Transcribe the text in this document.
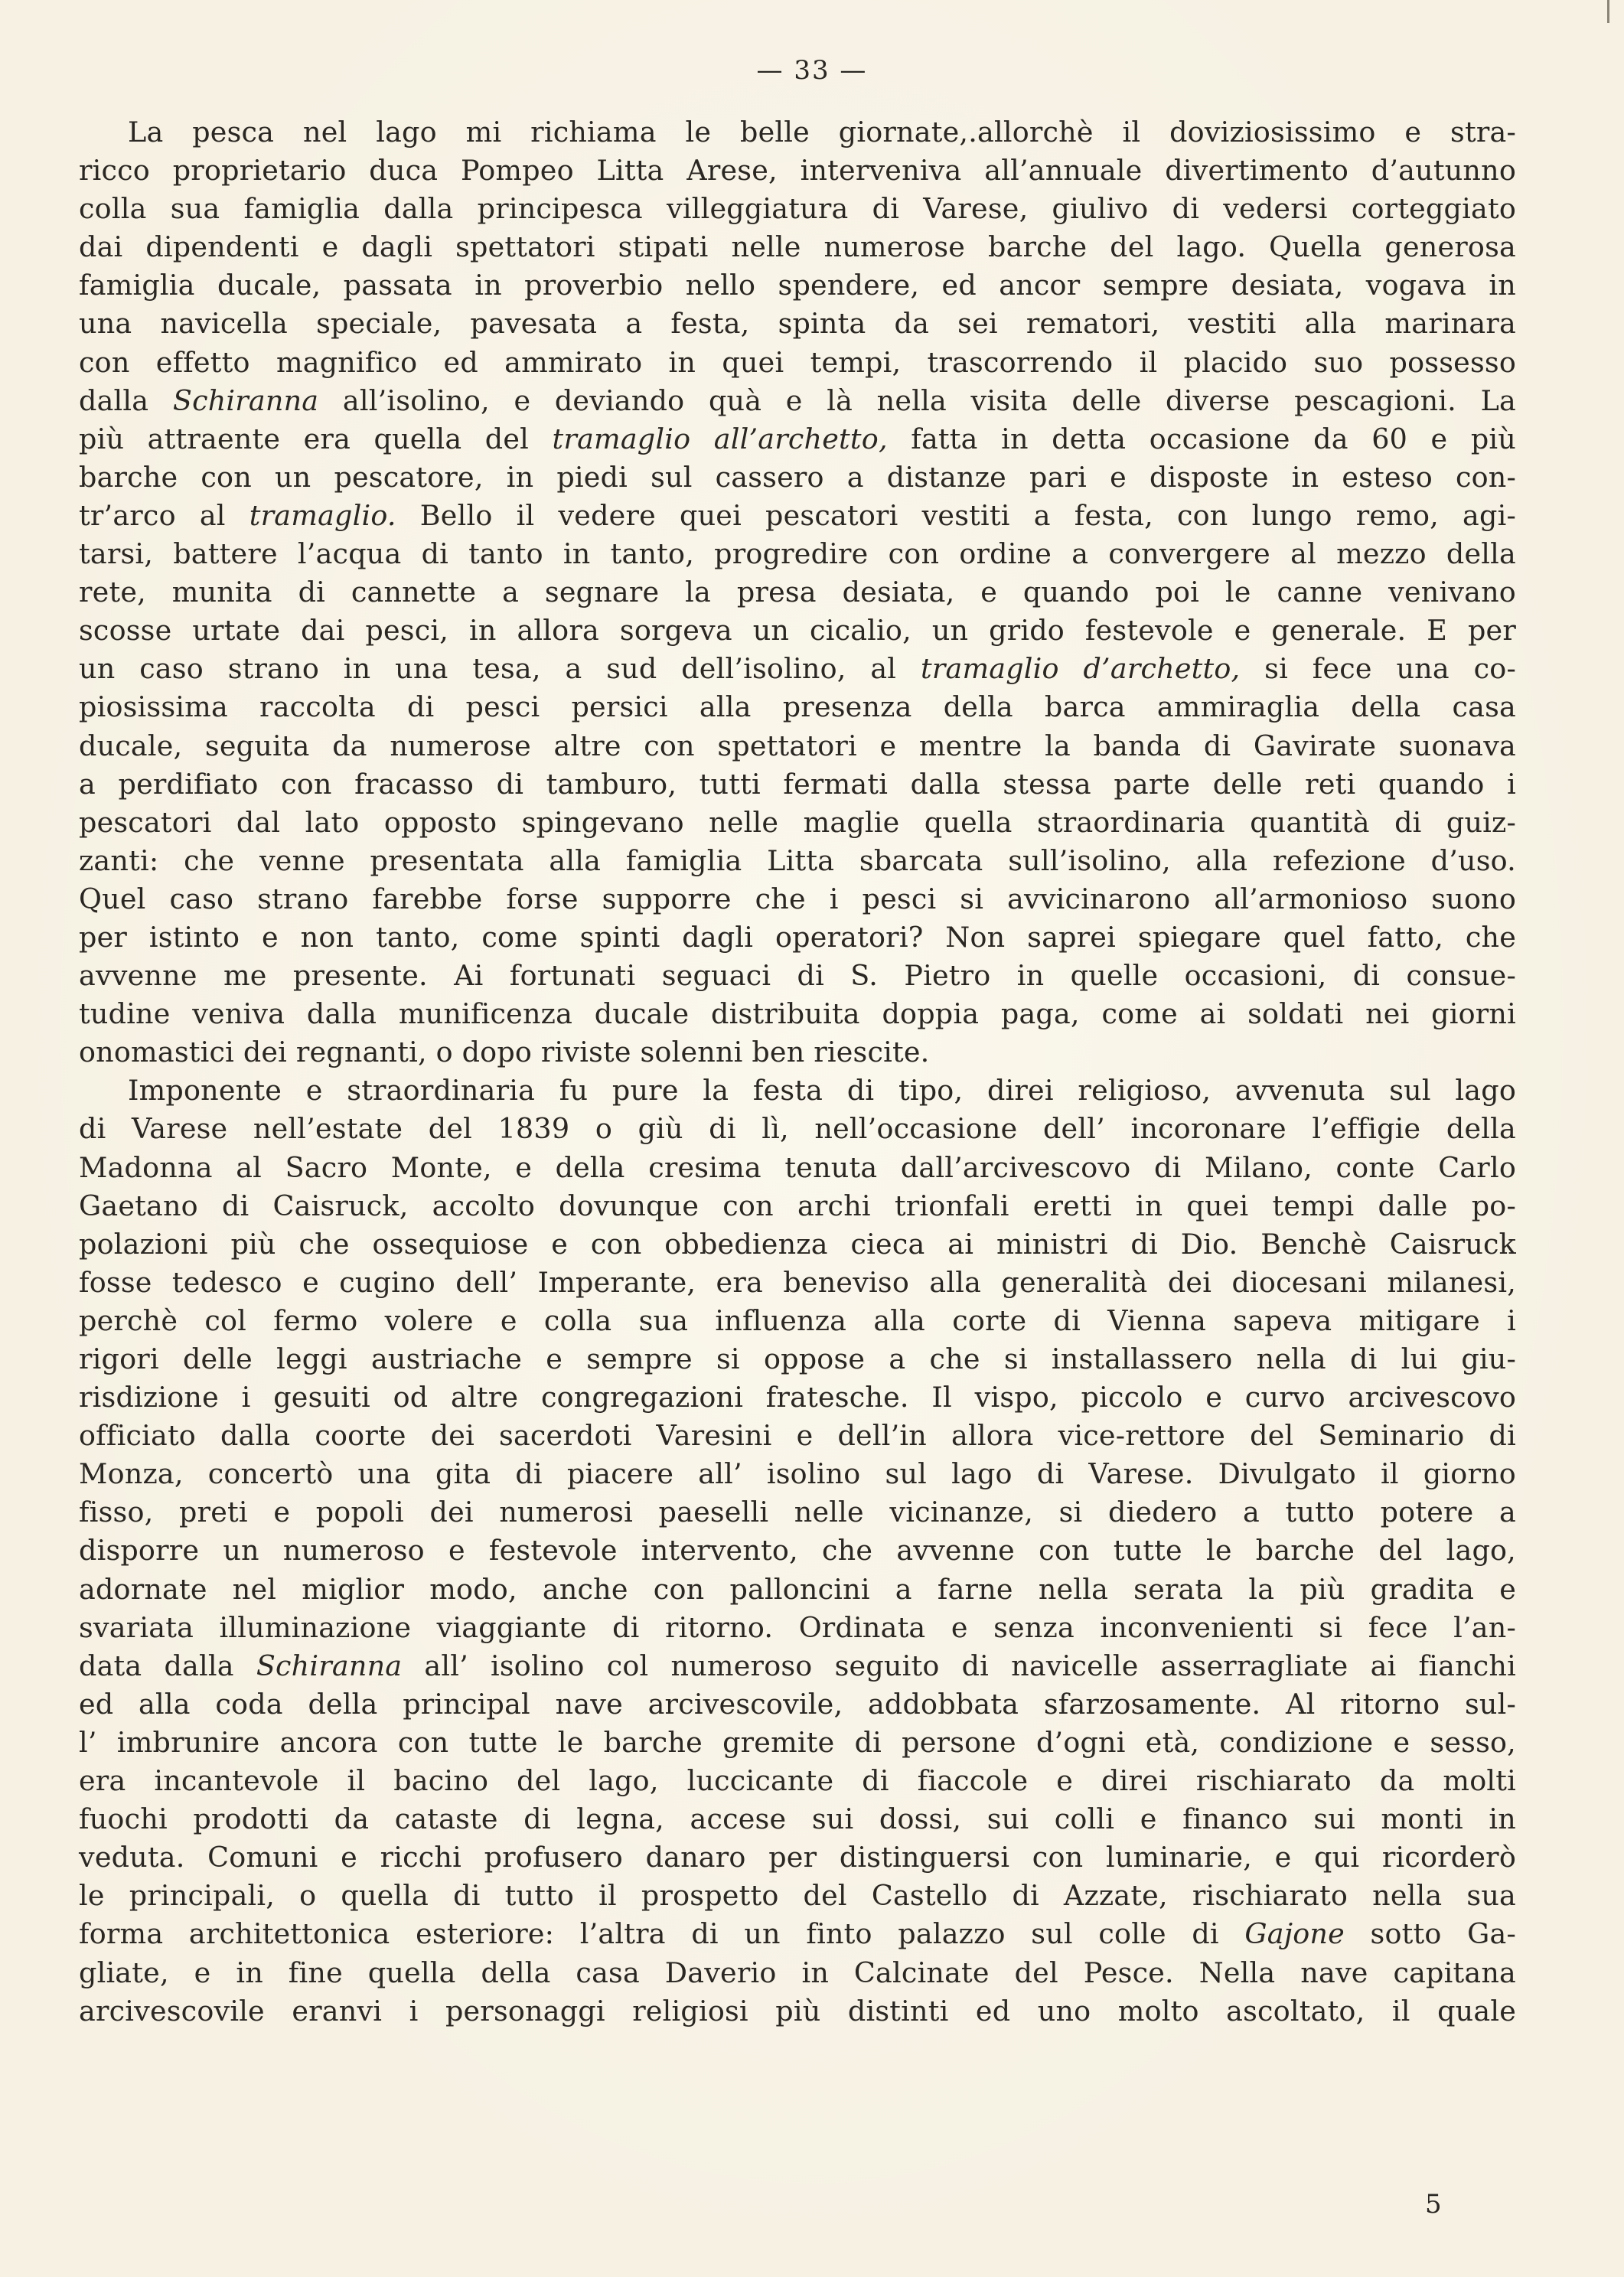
— 33 —
La pesca nel lago mi richiama le belle giornate,.allorchè il doviziosissimo e stra-
ricco proprietario duca Pompeo Litta Arese, interveniva all’annuale divertimento d’autunno
colla sua famiglia dalla principesca villeggiatura di Varese, giulivo di vedersi corteggiato
dai dipendenti e dagli spettatori stipati nelle numerose barche del lago. Quella generosa
famiglia ducale, passata in proverbio nello spendere, ed ancor sempre desiata, vogava in
una navicella speciale, pavesata a festa, spinta da sei rematori, vestiti alla marinara
con effetto magnifico ed ammirato in quei tempi, trascorrendo il placido suo possesso
dalla Schiranna all’isolino, e deviando quà e là nella visita delle diverse pescagioni. La
più attraente era quella del tramaglio all’archetto, fatta in detta occasione da 60 e più
barche con un pescatore, in piedi sul cassero a distanze pari e disposte in esteso con-
tr’arco al tramaglio. Bello il vedere quei pescatori vestiti a festa, con lungo remo, agi-
tarsi, battere l’acqua di tanto in tanto, progredire con ordine a convergere al mezzo della
rete, munita di cannette a segnare la presa desiata, e quando poi le canne venivano
scosse urtate dai pesci, in allora sorgeva un cicalio, un grido festevole e generale. E per
un caso strano in una tesa, a sud dell’isolino, al tramaglio d’archetto, si fece una co-
piosissima raccolta di pesci persici alla presenza della barca ammiraglia della casa
ducale, seguita da numerose altre con spettatori e mentre la banda di Gavirate suonava
a perdifiato con fracasso di tamburo, tutti fermati dalla stessa parte delle reti quando i
pescatori dal lato opposto spingevano nelle maglie quella straordinaria quantità di guiz-
zanti: che venne presentata alla famiglia Litta sbarcata sull’isolino, alla refezione d’uso.
Quel caso strano farebbe forse supporre che i pesci si avvicinarono all’armonioso suono
per istinto e non tanto, come spinti dagli operatori? Non saprei spiegare quel fatto, che
avvenne me presente. Ai fortunati seguaci di S. Pietro in quelle occasioni, di consue-
tudine veniva dalla munificenza ducale distribuita doppia paga, come ai soldati nei giorni
onomastici dei regnanti, o dopo riviste solenni ben riescite.
Imponente e straordinaria fu pure la festa di tipo, direi religioso, avvenuta sul lago
di Varese nell’estate del 1839 o giù di lì, nell’occasione dell’ incoronare l’effigie della
Madonna al Sacro Monte, e della cresima tenuta dall’arcivescovo di Milano, conte Carlo
Gaetano di Caisruck, accolto dovunque con archi trionfali eretti in quei tempi dalle po-
polazioni più che ossequiose e con obbedienza cieca ai ministri di Dio. Benchè Caisruck
fosse tedesco e cugino dell’ Imperante, era beneviso alla generalità dei diocesani milanesi,
perchè col fermo volere e colla sua influenza alla corte di Vienna sapeva mitigare i
rigori delle leggi austriache e sempre si oppose a che si installassero nella di lui giu-
risdizione i gesuiti od altre congregazioni fratesche. Il vispo, piccolo e curvo arcivescovo
officiato dalla coorte dei sacerdoti Varesini e dell’in allora vice-rettore del Seminario di
Monza, concertò una gita di piacere all’ isolino sul lago di Varese. Divulgato il giorno
fisso, preti e popoli dei numerosi paeselli nelle vicinanze, si diedero a tutto potere a
disporre un numeroso e festevole intervento, che avvenne con tutte le barche del lago,
adornate nel miglior modo, anche con palloncini a farne nella serata la più gradita e
svariata illuminazione viaggiante di ritorno. Ordinata e senza inconvenienti si fece l’an-
data dalla Schiranna all’ isolino col numeroso seguito di navicelle asserragliate ai fianchi
ed alla coda della principal nave arcivescovile, addobbata sfarzosamente. Al ritorno sul-
l’ imbrunire ancora con tutte le barche gremite di persone d’ogni età, condizione e sesso,
era incantevole il bacino del lago, luccicante di fiaccole e direi rischiarato da molti
fuochi prodotti da cataste di legna, accese sui dossi, sui colli e financo sui monti in
veduta. Comuni e ricchi profusero danaro per distinguersi con luminarie, e qui ricorderò
le principali, o quella di tutto il prospetto del Castello di Azzate, rischiarato nella sua
forma architettonica esteriore: l’altra di un finto palazzo sul colle di Gajone sotto Ga-
gliate, e in fine quella della casa Daverio in Calcinate del Pesce. Nella nave capitana
arcivescovile eranvi i personaggi religiosi più distinti ed uno molto ascoltato, il quale
5
